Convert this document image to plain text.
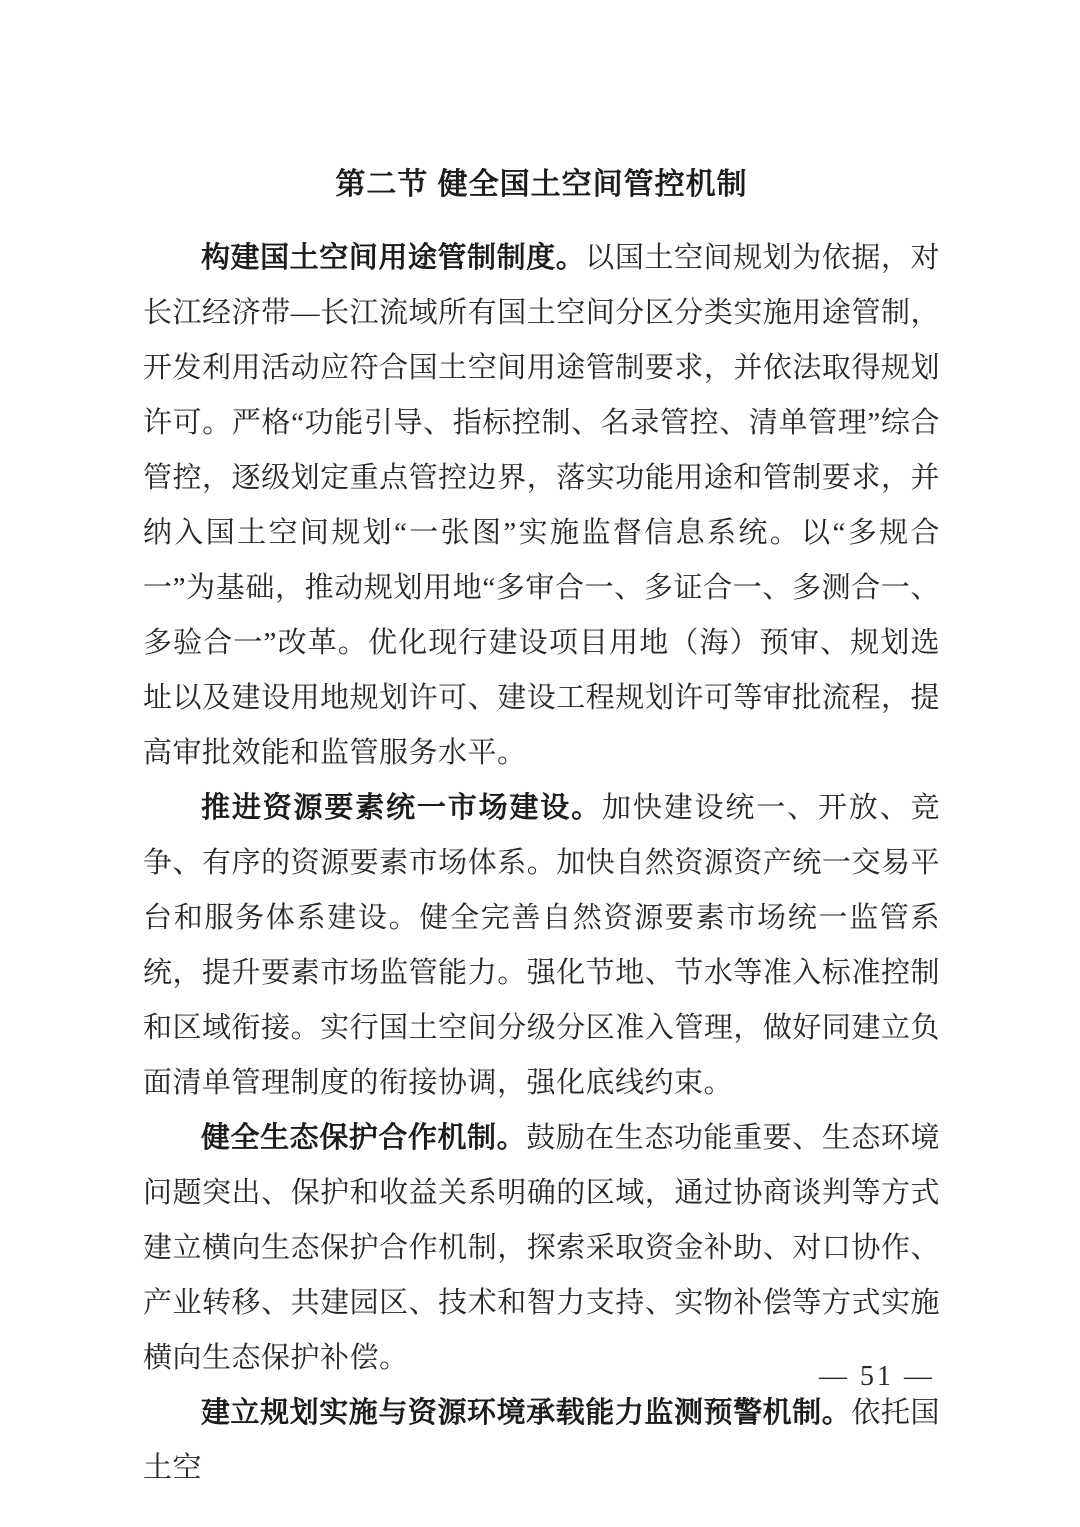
第二节 健全国土空间管控机制

构建国土空间用途管制制度。以国土空间规划为依据，对长江经济带—长江流域所有国土空间分区分类实施用途管制，开发利用活动应符合国土空间用途管制要求，并依法取得规划许可。严格“功能引导、指标控制、名录管控、清单管理”综合管控，逐级划定重点管控边界，落实功能用途和管制要求，并纳入国土空间规划“一张图”实施监督信息系统。以“多规合一”为基础，推动规划用地“多审合一、多证合一、多测合一、多验合一”改革。优化现行建设项目用地（海）预审、规划选址以及建设用地规划许可、建设工程规划许可等审批流程，提高审批效能和监管服务水平。

推进资源要素统一市场建设。加快建设统一、开放、竞争、有序的资源要素市场体系。加快自然资源资产统一交易平台和服务体系建设。健全完善自然资源要素市场统一监管系统，提升要素市场监管能力。强化节地、节水等准入标准控制和区域衔接。实行国土空间分级分区准入管理，做好同建立负面清单管理制度的衔接协调，强化底线约束。

健全生态保护合作机制。鼓励在生态功能重要、生态环境问题突出、保护和收益关系明确的区域，通过协商谈判等方式建立横向生态保护合作机制，探索采取资金补助、对口协作、产业转移、共建园区、技术和智力支持、实物补偿等方式实施横向生态保护补偿。

建立规划实施与资源环境承载能力监测预警机制。依托国土空

— 51 —
